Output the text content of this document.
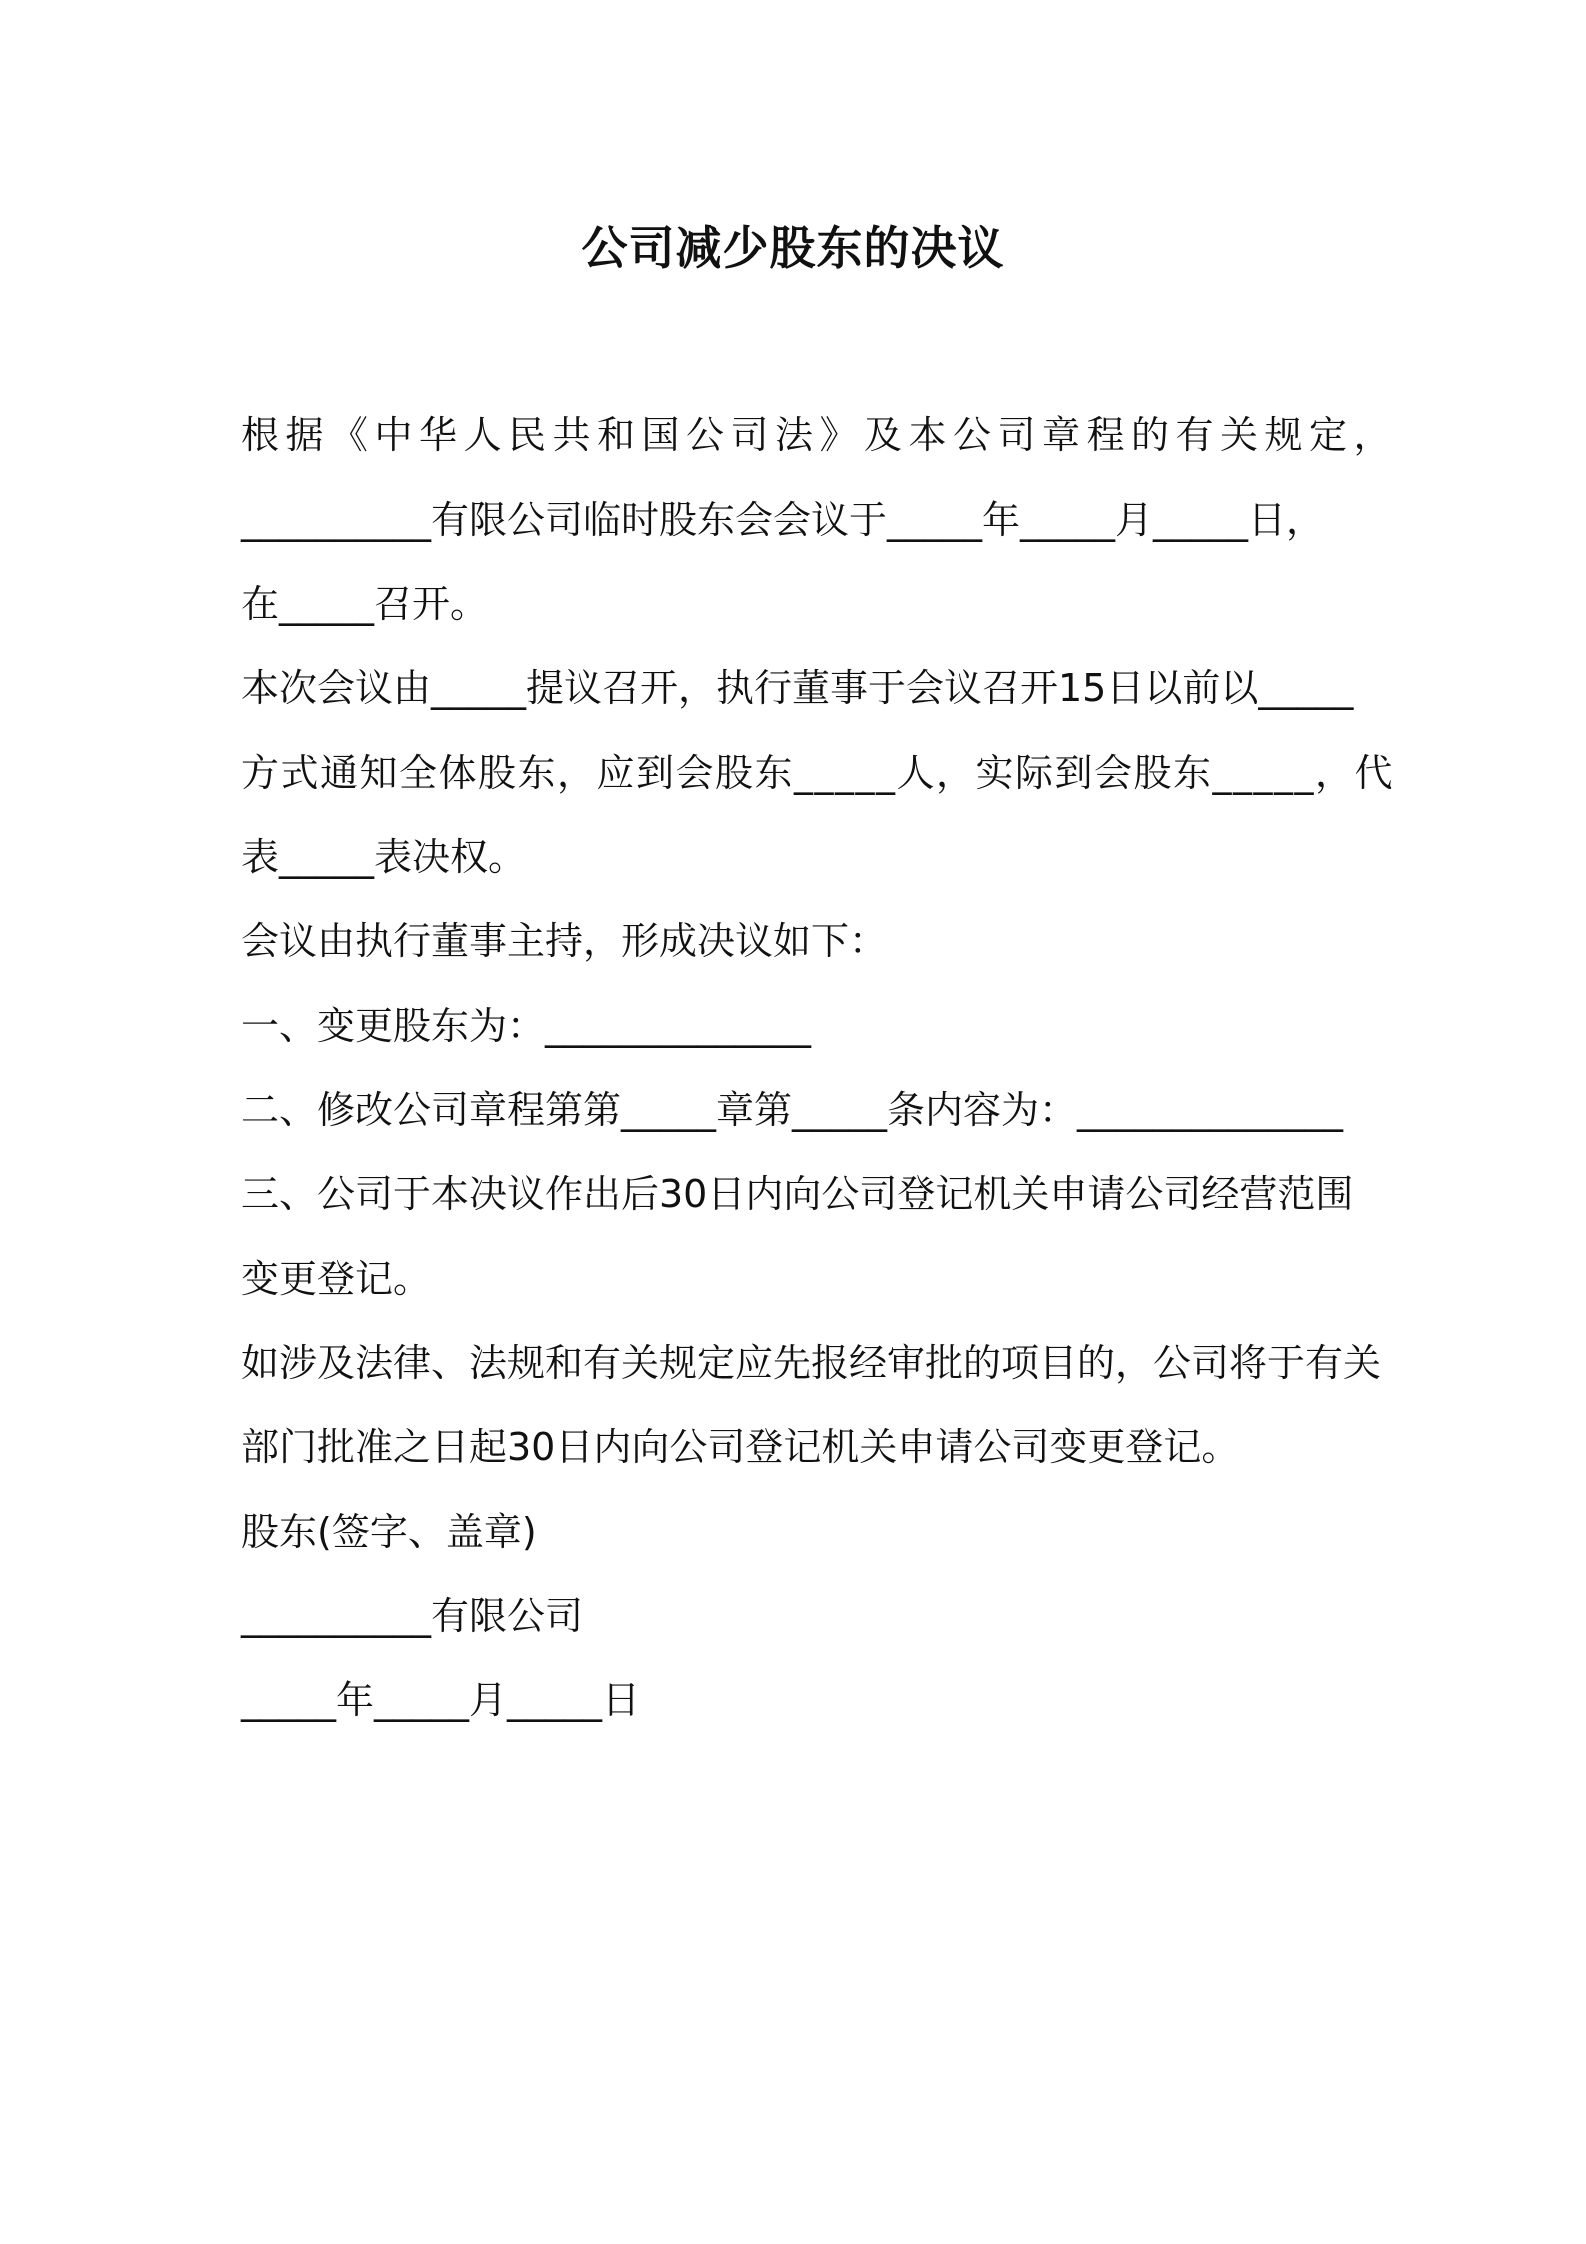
公司减少股东的决议

根据《中华人民共和国公司法》及本公司章程的有关规定，

__________有限公司临时股东会会议于_____年_____月_____日，

在_____召开。

本次会议由_____提议召开，执行董事于会议召开15日以前以_____

方式通知全体股东，应到会股东_____人，实际到会股东_____，代

表_____表决权。

会议由执行董事主持，形成决议如下：

一、变更股东为：______________

二、修改公司章程第第_____章第_____条内容为：______________

三、公司于本决议作出后30日内向公司登记机关申请公司经营范围

变更登记。

如涉及法律、法规和有关规定应先报经审批的项目的，公司将于有关

部门批准之日起30日内向公司登记机关申请公司变更登记。

股东(签字、盖章)

__________有限公司

_____年_____月_____日
